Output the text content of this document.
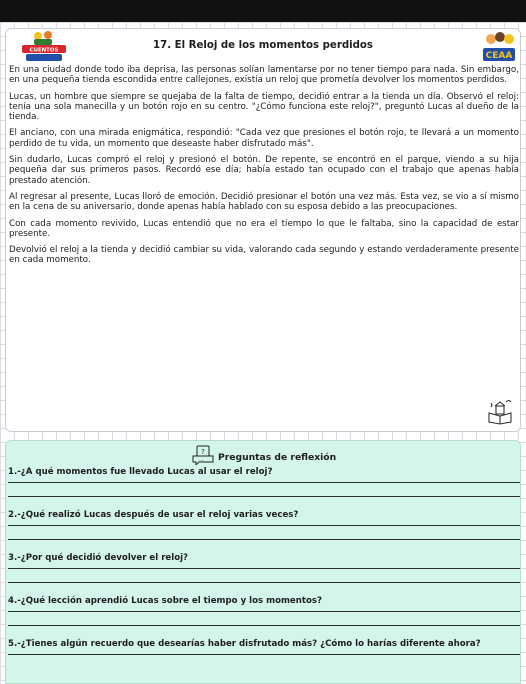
CUENTOS	17. El Reloj de los momentos perdidos
CEAA

En una ciudad donde todo iba deprisa, las personas solían lamentarse por no tener tiempo para nada. Sin embargo, en una pequeña tienda escondida entre callejones, existía un reloj que prometía devolver los momentos perdidos.

Lucas, un hombre que siempre se quejaba de la falta de tiempo, decidió entrar a la tienda un día. Observó el reloj: tenía una sola manecilla y un botón rojo en su centro. "¿Cómo funciona este reloj?", preguntó Lucas al dueño de la tienda.

El anciano, con una mirada enigmática, respondió: "Cada vez que presiones el botón rojo, te llevará a un momento perdido de tu vida, un momento que deseaste haber disfrutado más".

Sin dudarlo, Lucas compró el reloj y presionó el botón. De repente, se encontró en el parque, viendo a su hija pequeña dar sus primeros pasos. Recordó ese día; había estado tan ocupado con el trabajo que apenas había prestado atención.

Al regresar al presente, Lucas lloró de emoción. Decidió presionar el botón una vez más. Esta vez, se vio a sí mismo en la cena de su aniversario, donde apenas había hablado con su esposa debido a las preocupaciones.

Con cada momento revivido, Lucas entendió que no era el tiempo lo que le faltaba, sino la capacidad de estar presente.

Devolvió el reloj a la tienda y decidió cambiar su vida, valorando cada segundo y estando verdaderamente presente en cada momento.

?
... Preguntas de reflexión
1.-¿A qué momentos fue llevado Lucas al usar el reloj?
2.-¿Qué realizó Lucas después de usar el reloj varias veces?
3.-¿Por qué decidió devolver el reloj?
4.-¿Qué lección aprendió Lucas sobre el tiempo y los momentos?
5.-¿Tienes algún recuerdo que desearías haber disfrutado más? ¿Cómo lo harías diferente ahora?
